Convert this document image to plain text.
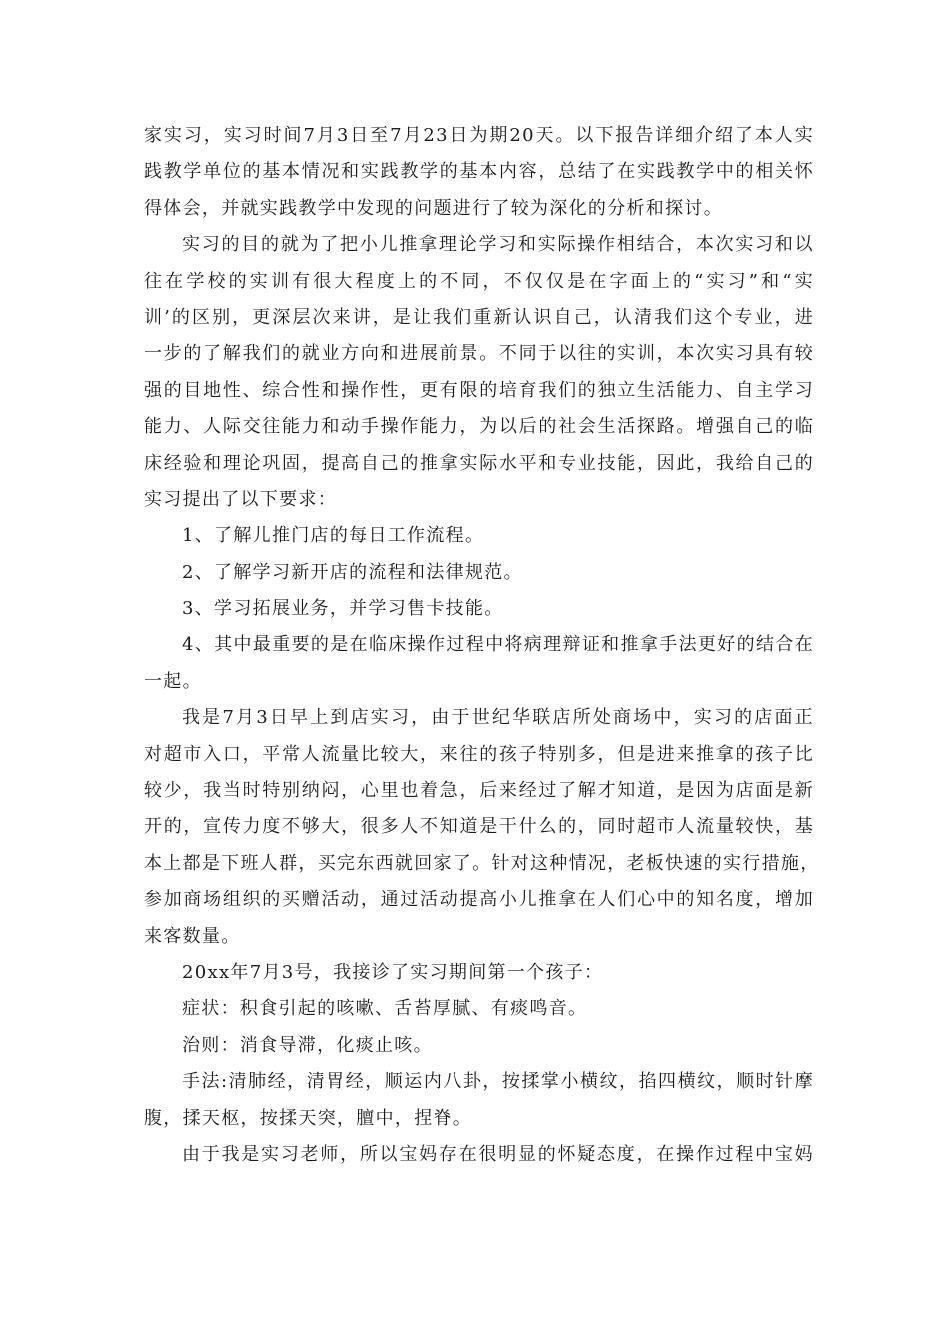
家实习，实习时间7月3日至7月23日为期20天。以下报告详细介绍了本人实
践教学单位的基本情况和实践教学的基本内容，总结了在实践教学中的相关怀
得体会，并就实践教学中发现的问题进行了较为深化的分析和探讨。
实习的目的就为了把小儿推拿理论学习和实际操作相结合，本次实习和以
往在学校的实训有很大程度上的不同，不仅仅是在字面上的“实习”和“实
训’的区别，更深层次来讲，是让我们重新认识自己，认清我们这个专业，进
一步的了解我们的就业方向和进展前景。不同于以往的实训，本次实习具有较
强的目地性、综合性和操作性，更有限的培育我们的独立生活能力、自主学习
能力、人际交往能力和动手操作能力，为以后的社会生活探路。增强自己的临
床经验和理论巩固，提高自己的推拿实际水平和专业技能，因此，我给自己的
实习提出了以下要求：
1、了解儿推门店的每日工作流程。
2、了解学习新开店的流程和法律规范。
3、学习拓展业务，并学习售卡技能。
4、其中最重要的是在临床操作过程中将病理辩证和推拿手法更好的结合在
一起。
我是7月3日早上到店实习，由于世纪华联店所处商场中，实习的店面正
对超市入口，平常人流量比较大，来往的孩子特别多，但是进来推拿的孩子比
较少，我当时特别纳闷，心里也着急，后来经过了解才知道，是因为店面是新
开的，宣传力度不够大，很多人不知道是干什么的，同时超市人流量较快，基
本上都是下班人群，买完东西就回家了。针对这种情况，老板快速的实行措施，
参加商场组织的买赠活动，通过活动提高小儿推拿在人们心中的知名度，增加
来客数量。
20xx年7月3号，我接诊了实习期间第一个孩子：
症状：积食引起的咳嗽、舌苔厚腻、有痰鸣音。
治则：消食导滞，化痰止咳。
手法:清肺经，清胃经，顺运内八卦，按揉掌小横纹，掐四横纹，顺时针摩
腹，揉天枢，按揉天突，膻中，捏脊。
由于我是实习老师，所以宝妈存在很明显的怀疑态度，在操作过程中宝妈
